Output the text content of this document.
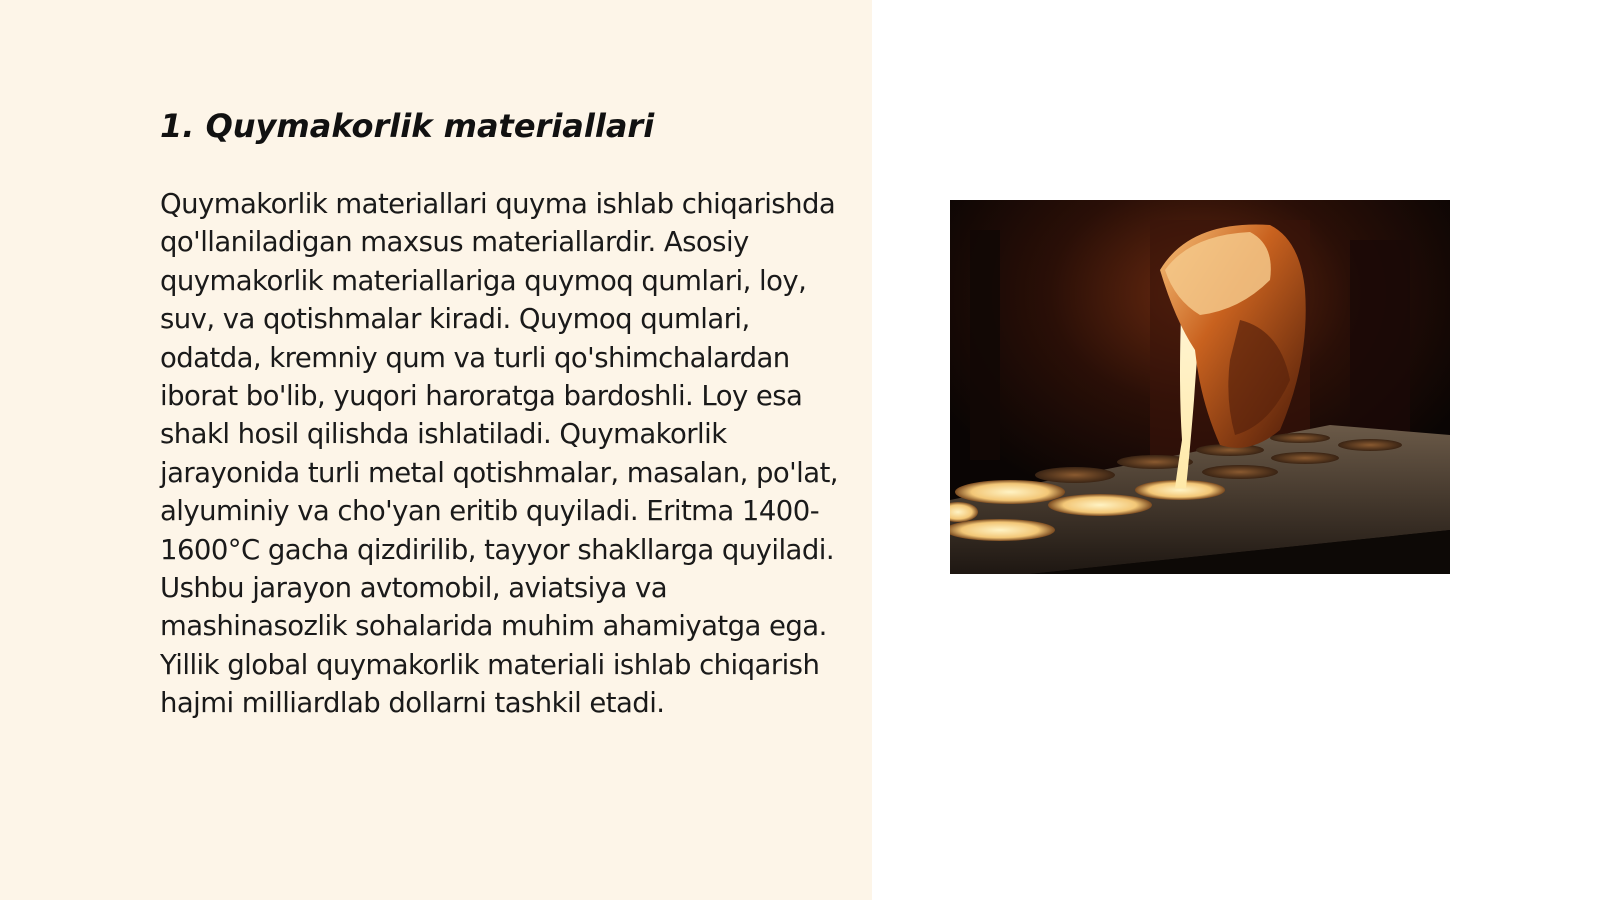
1. Quymakorlik materiallari

Quymakorlik materiallari quyma ishlab chiqarishda qo'llaniladigan maxsus materiallardir. Asosiy quymakorlik materiallariga quymoq qumlari, loy, suv, va qotishmalar kiradi. Quymoq qumlari, odatda, kremniy qum va turli qo'shimchalardan iborat bo'lib, yuqori haroratga bardoshli. Loy esa shakl hosil qilishda ishlatiladi. Quymakorlik jarayonida turli metal qotishmalar, masalan, po'lat, alyuminiy va cho'yan eritib quyiladi. Eritma 1400-1600°C gacha qizdirilib, tayyor shakllarga quyiladi. Ushbu jarayon avtomobil, aviatsiya va mashinasozlik sohalarida muhim ahamiyatga ega. Yillik global quymakorlik materiali ishlab chiqarish hajmi milliardlab dollarni tashkil etadi.
